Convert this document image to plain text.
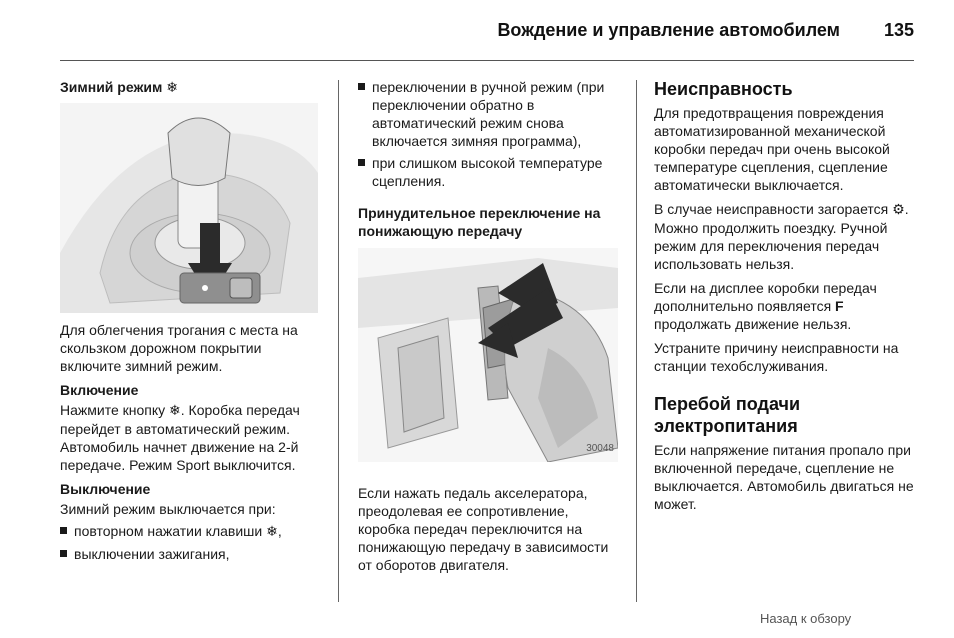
Вождение и управление автомобилем	135
Зимний режим ❄

Для облегчения трогания с места на скользком дорожном покрытии включите зимний режим.

Включение

Нажмите кнопку ❄. Коробка передач перейдет в автоматический режим. Автомобиль начнет движение на 2-й передаче. Режим Sport выключится.

Выключение

Зимний режим выключается при:

повторном нажатии клавиши ❄,
выключении зажигания,
переключении в ручной режим (при переключении обратно в автоматический режим снова включается зимняя программа),
при слишком высокой температуре сцепления.
Принудительное переключение на понижающую передачу
30048

Если нажать педаль акселератора, преодолевая ее сопротивление, коробка передач переключится на понижающую передачу в зависимости от оборотов двигателя.

Неисправность

Для предотвращения повреждения автоматизированной механической коробки передач при очень высокой температуре сцепления, сцепление автоматически выключается.

В случае неисправности загорается ⚙. Можно продолжить поездку. Ручной режим для переключения передач использовать нельзя.

Если на дисплее коробки передач дополнительно появляется F продолжать движение нельзя.

Устраните причину неисправности на станции техобслуживания.

Перебой подачи электропитания

Если напряжение питания пропало при включенной передаче, сцепление не выключается. Автомобиль двигаться не может.

Назад к обзору
